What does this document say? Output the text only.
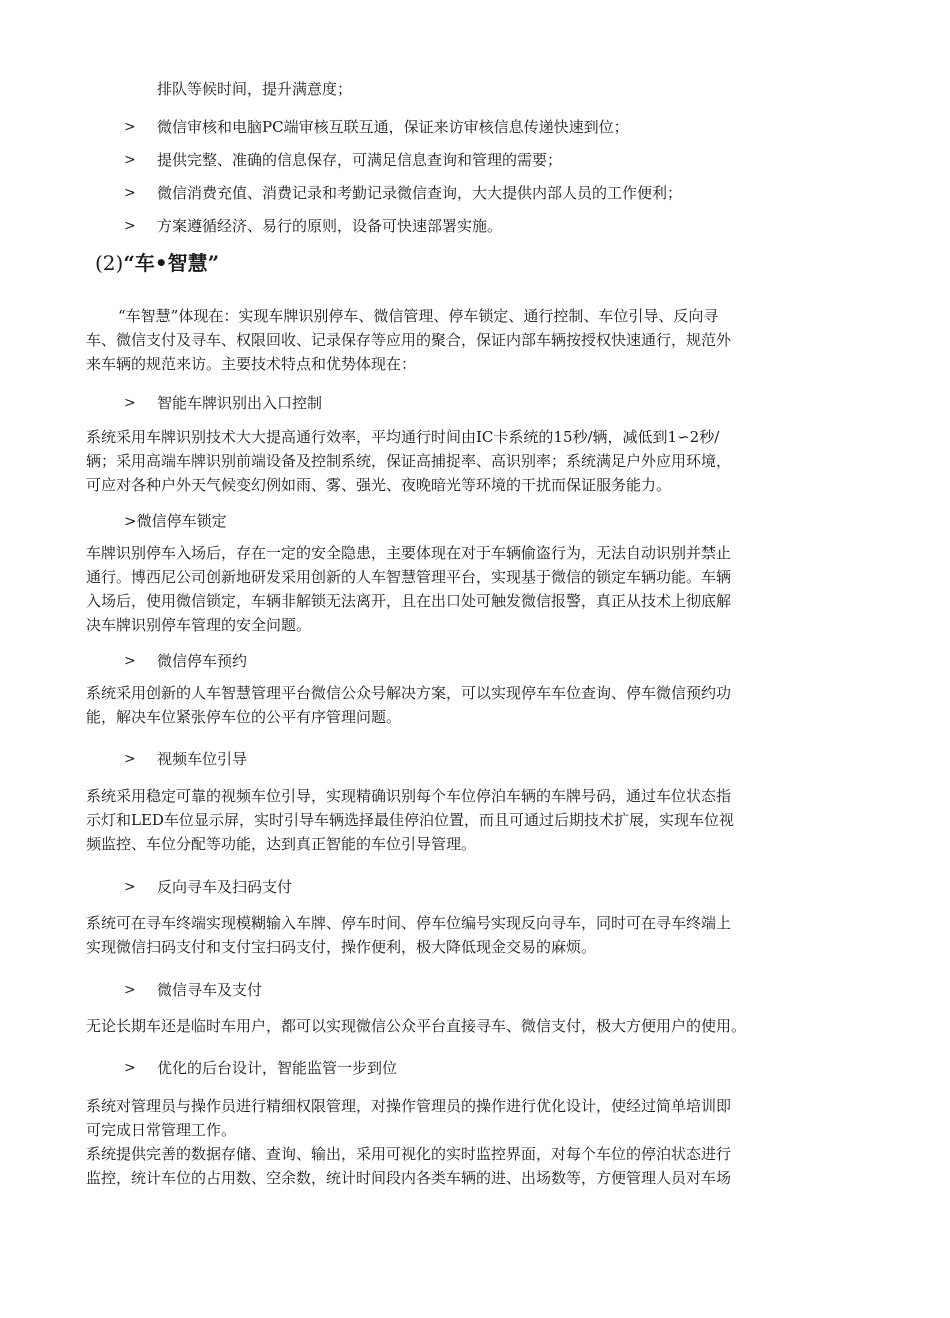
排队等候时间，提升满意度；
> 微信审核和电脑PC端审核互联互通，保证来访审核信息传递快速到位；
> 提供完整、准确的信息保存，可满足信息查询和管理的需要；
> 微信消费充值、消费记录和考勤记录微信查询，大大提供内部人员的工作便利；
> 方案遵循经济、易行的原则，设备可快速部署实施。
(2)“车•智慧”
“车智慧”体现在：实现车牌识别停车、微信管理、停车锁定、通行控制、车位引导、反向寻
车、微信支付及寻车、权限回收、记录保存等应用的聚合，保证内部车辆按授权快速通行，规范外
来车辆的规范来访。主要技术特点和优势体现在：
> 智能车牌识别出入口控制
系统采用车牌识别技术大大提高通行效率，平均通行时间由IC卡系统的15秒/辆，减低到1∽2秒/
辆；采用高端车牌识别前端设备及控制系统，保证高捕捉率、高识别率；系统满足户外应用环境，
可应对各种户外天气候变幻例如雨、雾、强光、夜晚暗光等环境的干扰而保证服务能力。
>微信停车锁定
车牌识别停车入场后，存在一定的安全隐患，主要体现在对于车辆偷盗行为，无法自动识别并禁止
通行。博西尼公司创新地研发采用创新的人车智慧管理平台，实现基于微信的锁定车辆功能。车辆
入场后，使用微信锁定，车辆非解锁无法离开，且在出口处可触发微信报警，真正从技术上彻底解
决车牌识别停车管理的安全问题。
> 微信停车预约
系统采用创新的人车智慧管理平台微信公众号解决方案，可以实现停车车位查询、停车微信预约功
能，解决车位紧张停车位的公平有序管理问题。
> 视频车位引导
系统采用稳定可靠的视频车位引导，实现精确识别每个车位停泊车辆的车牌号码，通过车位状态指
示灯和LED车位显示屏，实时引导车辆选择最佳停泊位置，而且可通过后期技术扩展，实现车位视
频监控、车位分配等功能，达到真正智能的车位引导管理。
> 反向寻车及扫码支付
系统可在寻车终端实现模糊输入车牌、停车时间、停车位编号实现反向寻车，同时可在寻车终端上
实现微信扫码支付和支付宝扫码支付，操作便利，极大降低现金交易的麻烦。
> 微信寻车及支付
无论长期车还是临时车用户，都可以实现微信公众平台直接寻车、微信支付，极大方便用户的使用。
> 优化的后台设计，智能监管一步到位
系统对管理员与操作员进行精细权限管理，对操作管理员的操作进行优化设计，使经过简单培训即
可完成日常管理工作。
系统提供完善的数据存储、查询、输出，采用可视化的实时监控界面，对每个车位的停泊状态进行
监控，统计车位的占用数、空余数，统计时间段内各类车辆的进、出场数等，方便管理人员对车场
